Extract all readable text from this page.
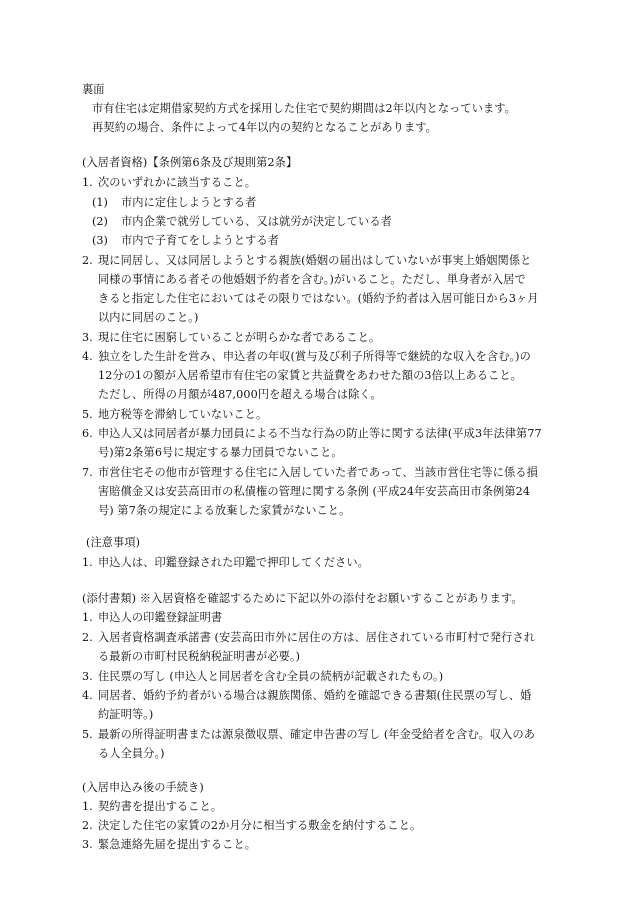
裏面
市有住宅は定期借家契約方式を採用した住宅で契約期間は2年以内となっています。
再契約の場合、条件によって4年以内の契約となることがあります。
(入居者資格)【条例第6条及び規則第2条】
1. 次のいずれかに該当すること。
(1) 市内に定住しようとする者
(2) 市内企業で就労している、又は就労が決定している者
(3) 市内で子育てをしようとする者
2. 現に同居し、又は同居しようとする親族(婚姻の届出はしていないが事実上婚姻関係と
同様の事情にある者その他婚姻予約者を含む。)がいること。ただし、単身者が入居で
きると指定した住宅においてはその限りではない。(婚約予約者は入居可能日から3ヶ月
以内に同居のこと。)
3. 現に住宅に困窮していることが明らかな者であること。
4. 独立をした生計を営み、申込者の年収(賞与及び利子所得等で継続的な収入を含む。)の
12分の1の額が入居希望市有住宅の家賃と共益費をあわせた額の3倍以上あること。
ただし、所得の月額が487,000円を超える場合は除く。
5. 地方税等を滞納していないこと。
6. 申込人又は同居者が暴力団員による不当な行為の防止等に関する法律(平成3年法律第77
号)第2条第6号に規定する暴力団員でないこと。
7. 市営住宅その他市が管理する住宅に入居していた者であって、当該市営住宅等に係る損
害賠償金又は安芸高田市の私債権の管理に関する条例 (平成24年安芸高田市条例第24
号) 第7条の規定による放棄した家賃がないこと。
(注意事項)
1. 申込人は、印鑑登録された印鑑で押印してください。
(添付書類) ※入居資格を確認するために下記以外の添付をお願いすることがあります。
1. 申込人の印鑑登録証明書
2. 入居者資格調査承諾書 (安芸高田市外に居住の方は、居住されている市町村で発行され
る最新の市町村民税納税証明書が必要。)
3. 住民票の写し (申込人と同居者を含む全員の続柄が記載されたもの。)
4. 同居者、婚約予約者がいる場合は親族関係、婚約を確認できる書類(住民票の写し、婚
約証明等。)
5. 最新の所得証明書または源泉徴収票、確定申告書の写し (年金受給者を含む。収入のあ
る人全員分。)
(入居申込み後の手続き)
1. 契約書を提出すること。
2. 決定した住宅の家賃の2か月分に相当する敷金を納付すること。
3. 緊急連絡先届を提出すること。
